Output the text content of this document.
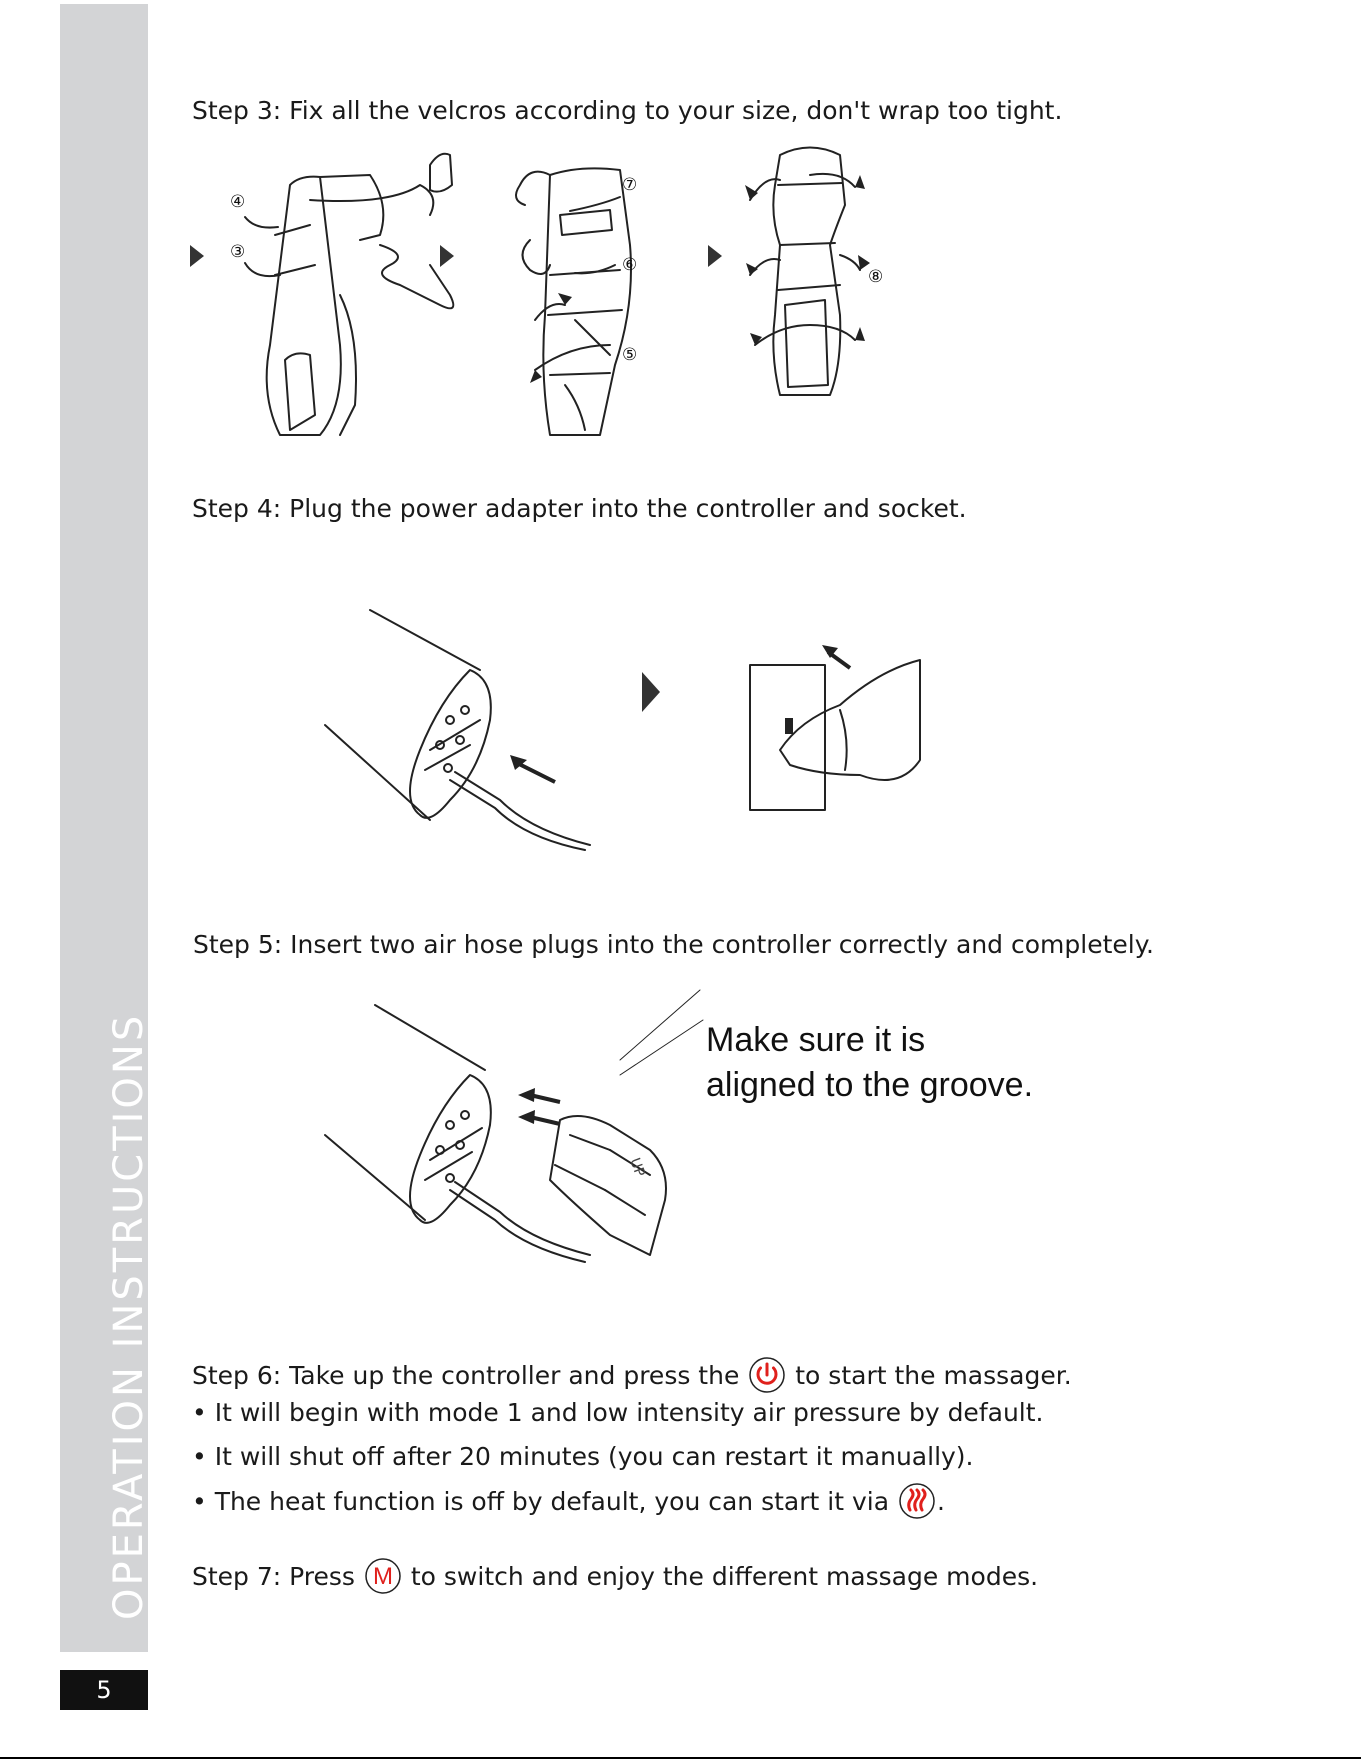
OPERATION INSTRUCTIONS
5
Step 3: Fix all the velcros according to your size, don't wrap too tight.
④
③
⑦
⑥
⑤
⑧
Step 4: Plug the power adapter into the controller and socket.
Step 5: Insert two air hose plugs into the controller correctly and completely.
Make sure it is
aligned to the groove.
UP
Step 6: Take up the controller and press the to start the massager.
• It will begin with mode 1 and low intensity air pressure by default.
• It will shut off after 20 minutes (you can restart it manually).
• The heat function is off by default, you can start it via .
Step 7: Press M to switch and enjoy the different massage modes.
